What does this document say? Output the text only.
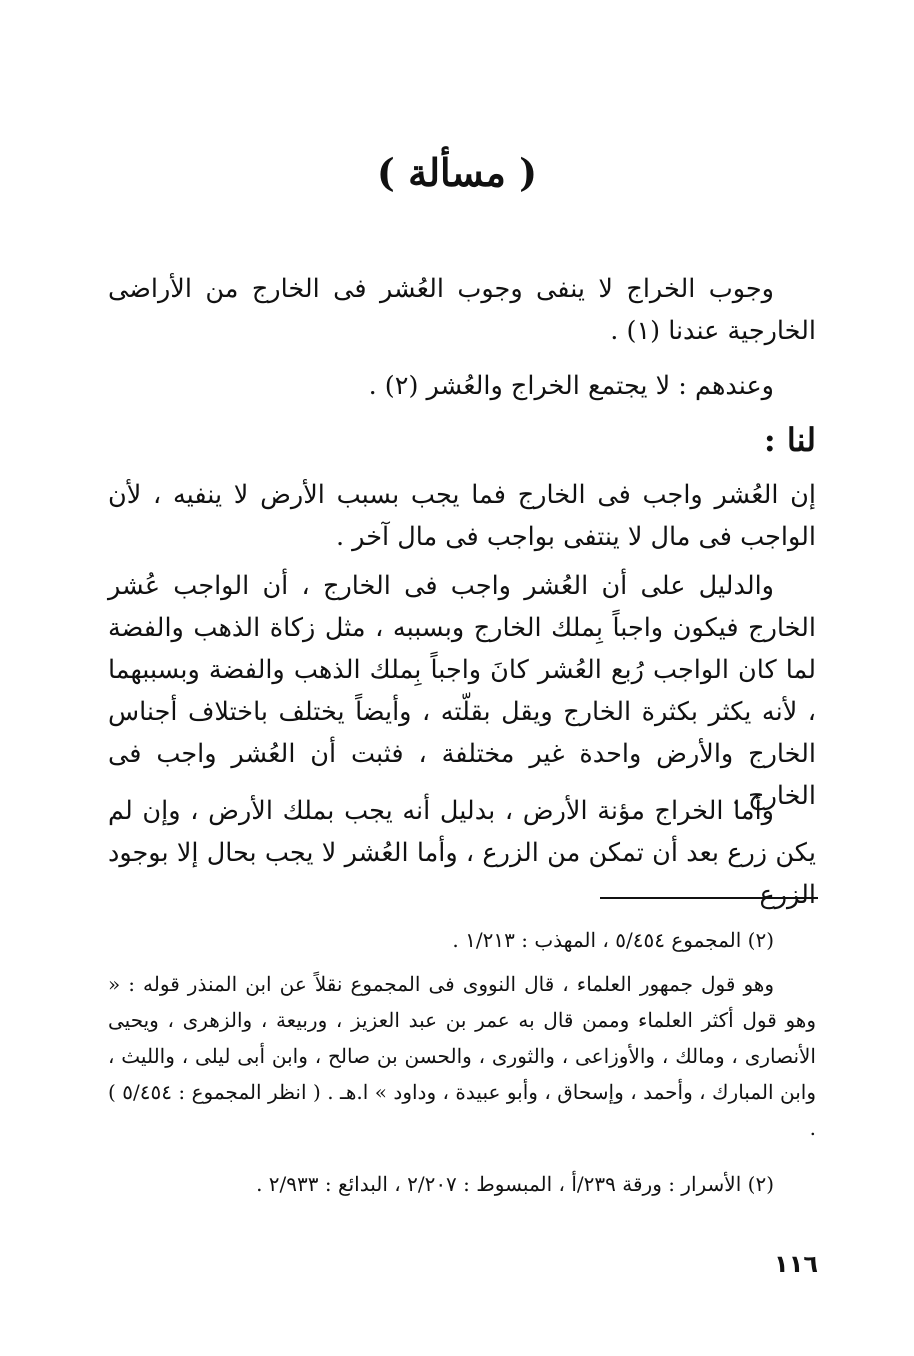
( مسألة )

وجوب الخراج لا ينفى وجوب العُشر فى الخارج من الأراضى الخارجية عندنا (١) .

وعندهم : لا يجتمع الخراج والعُشر (٢) .

لنا :

إن العُشر واجب فى الخارج فما يجب بسبب الأرض لا ينفيه ، لأن الواجب فى مال لا ينتفى بواجب فى مال آخر .

والدليل على أن العُشر واجب فى الخارج ، أن الواجب عُشر الخارج فيكون واجباً بِملك الخارج وبسببه ، مثل زكاة الذهب والفضة لما كان الواجب رُبع العُشر كانَ واجباً بِملك الذهب والفضة وبسببهما ، لأنه يكثر بكثرة الخارج ويقل بقلّته ، وأيضاً يختلف باختلاف أجناس الخارج والأرض واحدة غير مختلفة ، فثبت أن العُشر واجب فى الخارج .

وأما الخراج مؤنة الأرض ، بدليل أنه يجب بملك الأرض ، وإن لم يكن زرع بعد أن تمكن من الزرع ، وأما العُشر لا يجب بحال إلا بوجود الزرع

(٢) المجموع ٥/٤٥٤ ، المهذب : ١/٢١٣ .

وهو قول جمهور العلماء ، قال النووى فى المجموع نقلاً عن ابن المنذر قوله : « وهو قول أكثر العلماء وممن قال به عمر بن عبد العزيز ، وربيعة ، والزهرى ، ويحيى الأنصارى ، ومالك ، والأوزاعى ، والثورى ، والحسن بن صالح ، وابن أبى ليلى ، والليث ، وابن المبارك ، وأحمد ، وإسحاق ، وأبو عبيدة ، وداود » ا.هـ . ( انظر المجموع : ٥/٤٥٤ ) .

(٢) الأسرار : ورقة ٢٣٩/أ ، المبسوط : ٢/٢٠٧ ، البدائع : ٢/٩٣٣ .

١١٦
